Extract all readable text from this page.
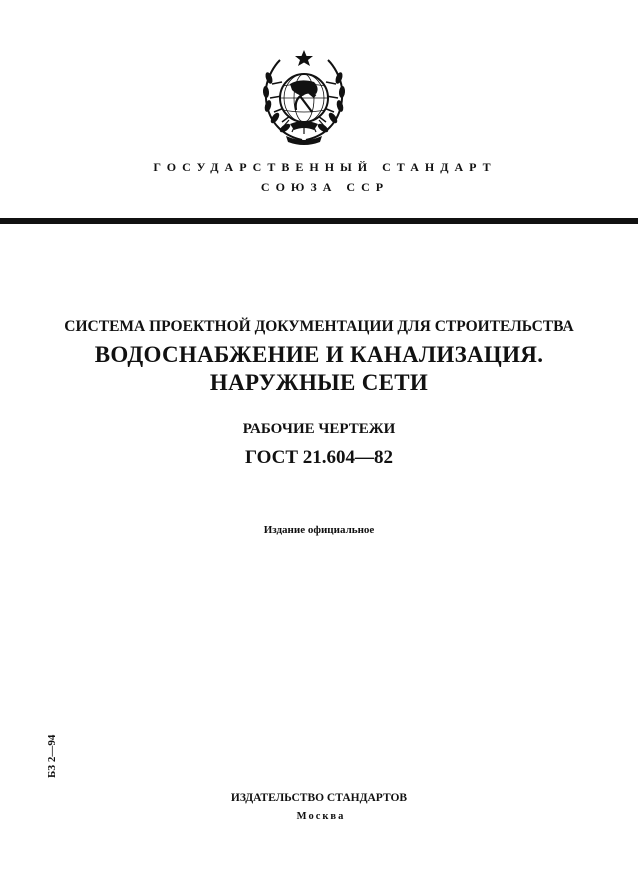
ГОСУДАРСТВЕННЫЙ СТАНДАРТ
СОЮЗА ССР
СИСТЕМА ПРОЕКТНОЙ ДОКУМЕНТАЦИИ ДЛЯ СТРОИТЕЛЬСТВА
ВОДОСНАБЖЕНИЕ И КАНАЛИЗАЦИЯ.
НАРУЖНЫЕ СЕТИ
РАБОЧИЕ ЧЕРТЕЖИ
ГОСТ 21.604—82
Издание официальное
БЗ 2—94
ИЗДАТЕЛЬСТВО СТАНДАРТОВ
Москва
